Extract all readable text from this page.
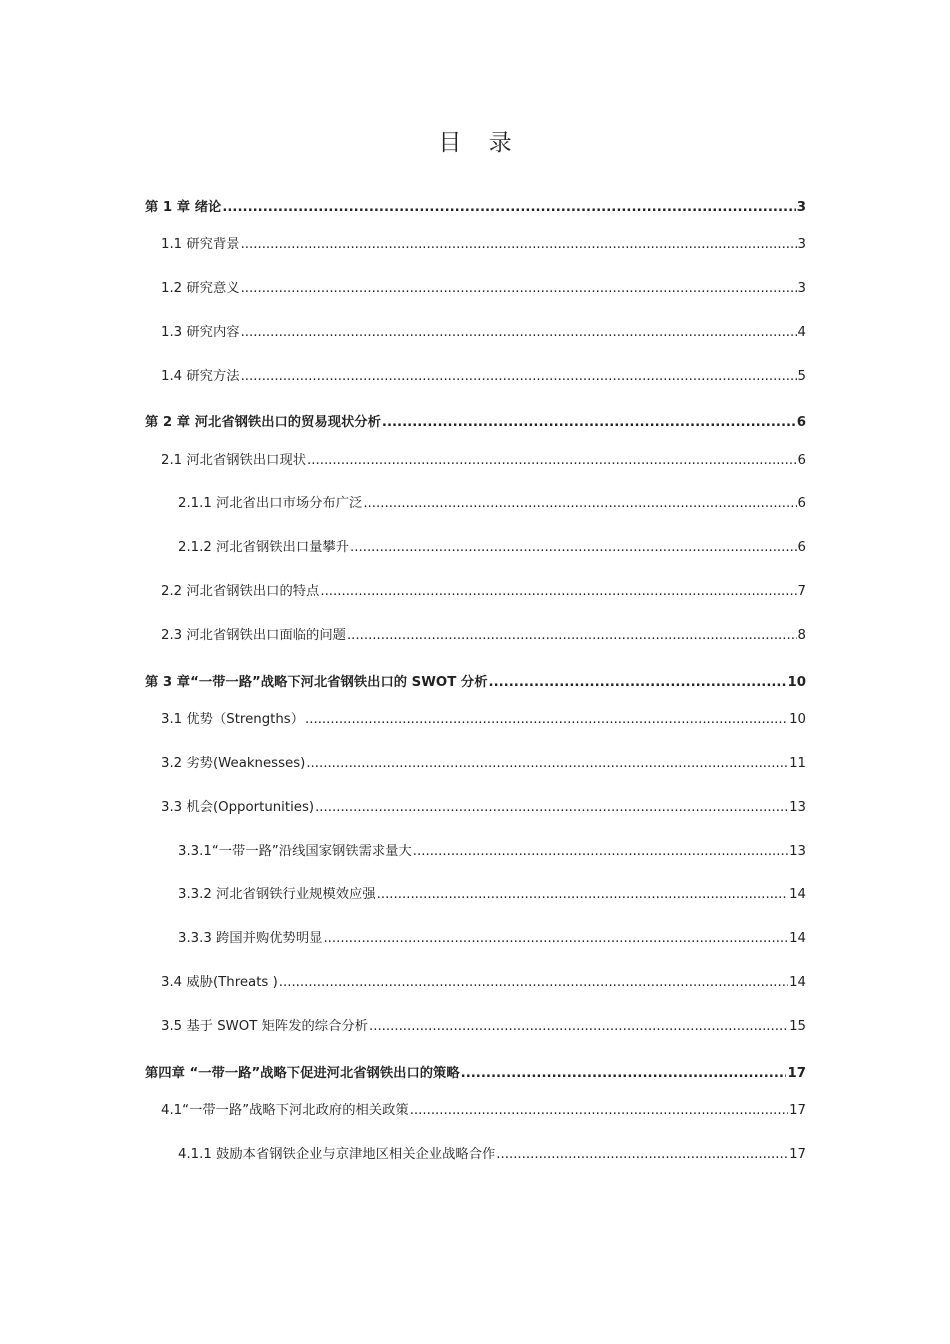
目 录
第 1 章 绪论 .....	3
1.1 研究背景 .....	3
1.2 研究意义 .....	3
1.3 研究内容 .....	4
1.4 研究方法 .....	5
第 2 章 河北省钢铁出口的贸易现状分析 .....	6
2.1 河北省钢铁出口现状 .....	6
2.1.1 河北省出口市场分布广泛 .....	6
2.1.2 河北省钢铁出口量攀升 .....	6
2.2 河北省钢铁出口的特点 .....	7
2.3 河北省钢铁出口面临的问题 .....	8
第 3 章“一带一路”战略下河北省钢铁出口的 SWOT 分析 .....	10
3.1 优势（Strengths） .....	10
3.2 劣势(Weaknesses) .....	11
3.3 机会(Opportunities) .....	13
3.3.1“一带一路”沿线国家钢铁需求量大 .....	13
3.3.2 河北省钢铁行业规模效应强 .....	14
3.3.3 跨国并购优势明显 .....	14
3.4 威胁(Threats ) .....	14
3.5 基于 SWOT 矩阵发的综合分析 .....	15
第四章 “一带一路”战略下促进河北省钢铁出口的策略 .....	17
4.1“一带一路”战略下河北政府的相关政策 .....	17
4.1.1 鼓励本省钢铁企业与京津地区相关企业战略合作 .....	17
